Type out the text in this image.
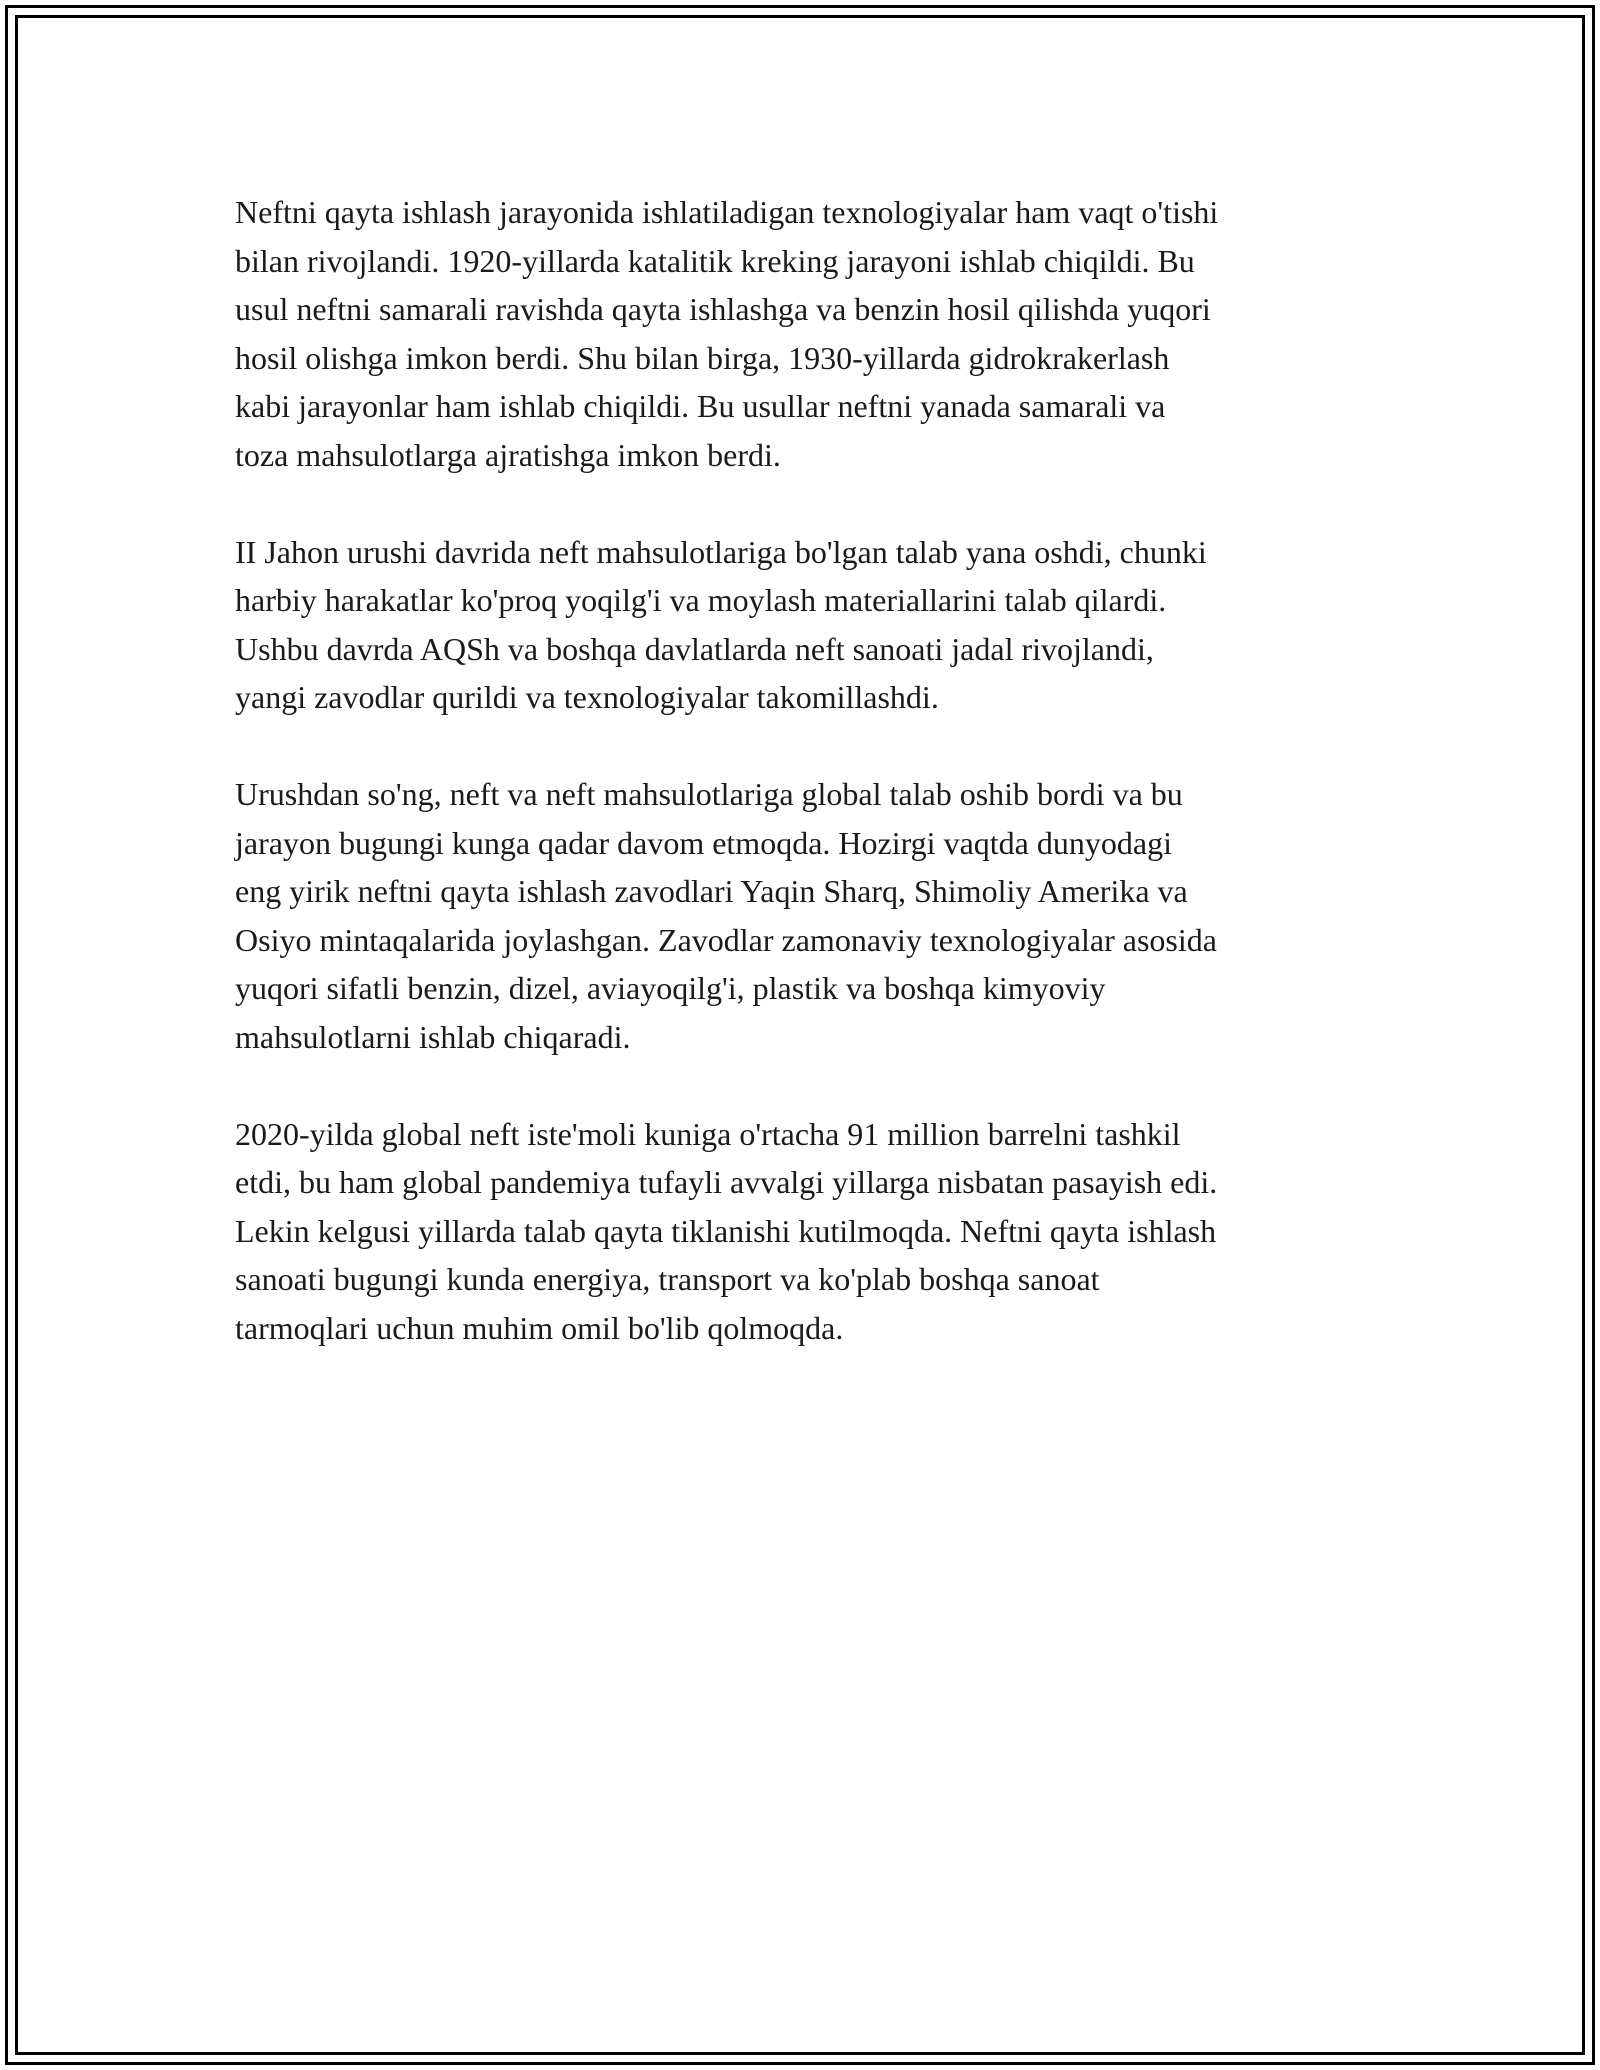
Neftni qayta ishlash jarayonida ishlatiladigan texnologiyalar ham vaqt o'tishi
bilan rivojlandi. 1920-yillarda katalitik kreking jarayoni ishlab chiqildi. Bu
usul neftni samarali ravishda qayta ishlashga va benzin hosil qilishda yuqori
hosil olishga imkon berdi. Shu bilan birga, 1930-yillarda gidrokrakerlash
kabi jarayonlar ham ishlab chiqildi. Bu usullar neftni yanada samarali va
toza mahsulotlarga ajratishga imkon berdi.

II Jahon urushi davrida neft mahsulotlariga bo'lgan talab yana oshdi, chunki
harbiy harakatlar ko'proq yoqilg'i va moylash materiallarini talab qilardi.
Ushbu davrda AQSh va boshqa davlatlarda neft sanoati jadal rivojlandi,
yangi zavodlar qurildi va texnologiyalar takomillashdi.

Urushdan so'ng, neft va neft mahsulotlariga global talab oshib bordi va bu
jarayon bugungi kunga qadar davom etmoqda. Hozirgi vaqtda dunyodagi
eng yirik neftni qayta ishlash zavodlari Yaqin Sharq, Shimoliy Amerika va
Osiyo mintaqalarida joylashgan. Zavodlar zamonaviy texnologiyalar asosida
yuqori sifatli benzin, dizel, aviayoqilg'i, plastik va boshqa kimyoviy
mahsulotlarni ishlab chiqaradi.

2020-yilda global neft iste'moli kuniga o'rtacha 91 million barrelni tashkil
etdi, bu ham global pandemiya tufayli avvalgi yillarga nisbatan pasayish edi.
Lekin kelgusi yillarda talab qayta tiklanishi kutilmoqda. Neftni qayta ishlash
sanoati bugungi kunda energiya, transport va ko'plab boshqa sanoat
tarmoqlari uchun muhim omil bo'lib qolmoqda.
